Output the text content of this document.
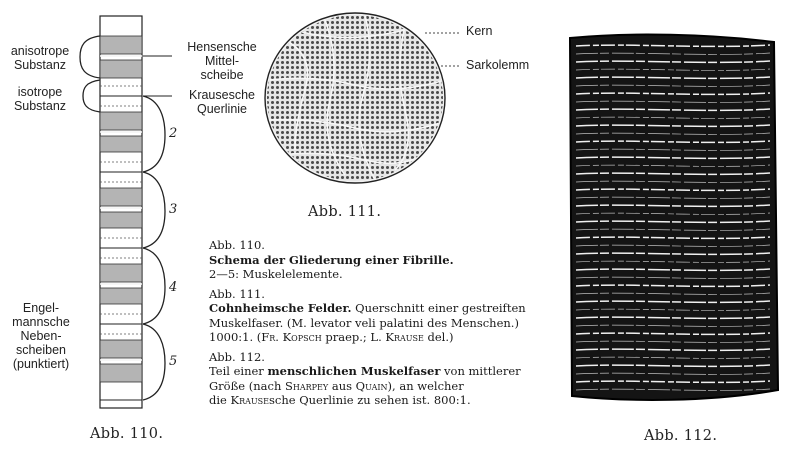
anisotrope
Substanz
isotrope
Substanz
Hensensche
Mittel-
scheibe
Krausesche
Querlinie
Engel-
mannsche
Neben-
scheiben
(punktiert)
2
3
4
5
Abb. 110.
Kern
Sarkolemm
Abb. 111.
Abb. 110.
Schema der Gliederung einer Fibrille.
2—5: Muskelelemente.
Abb. 111.
Cohnheimsche Felder. Querschnitt einer gestreiften
Muskelfaser. (M. levator veli palatini des Menschen.)
1000:1. (Fr. Kopsch praep.; L. Krause del.)
Abb. 112.
Teil einer menschlichen Muskelfaser von mittlerer
Größe (nach Sharpey aus Quain), an welcher
die Krausesche Querlinie zu sehen ist. 800:1.
Abb. 112.
